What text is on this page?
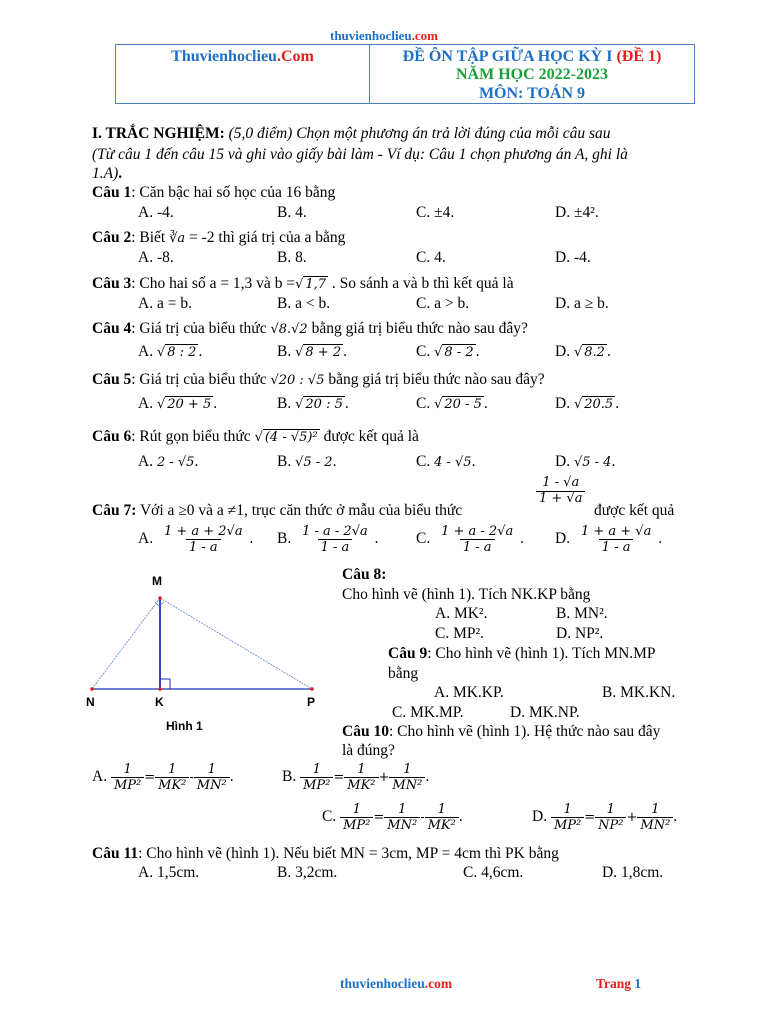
thuvienhoclieu.com
Thuvienhoclieu.Com	ĐỀ ÔN TẬP GIỮA HỌC KỲ I (ĐỀ 1)
NĂM HỌC 2022-2023
MÔN: TOÁN 9
I. TRẮC NGHIỆM: (5,0 điểm) Chọn một phương án trả lời đúng của mỗi câu sau
(Từ câu 1 đến câu 15 và ghi vào giấy bài làm - Ví dụ: Câu 1 chọn phương án A, ghi là
1.A).
Câu 1: Căn bậc hai số học của 16 bằng
A. -4.	B. 4.	C. ±4.	D. ±4².
Câu 2: Biết ∛a = -2 thì giá trị của a bằng
A. -8.	B. 8.	C. 4.	D. -4.
Câu 3: Cho hai số a = 1,3 và b =√ 1,7 . So sánh a và b thì kết quả là
A. a = b.	B. a < b.	C. a > b.	D. a ≥ b.
Câu 4: Giá trị của biểu thức √8.√2 bằng giá trị biểu thức nào sau đây?
A. √ 8 : 2 .	B. √ 8 + 2 .	C. √ 8 - 2 .	D. √ 8.2 .
Câu 5: Giá trị của biểu thức √20 : √5 bằng giá trị biểu thức nào sau đây?
A. √ 20 + 5 .	B. √ 20 : 5 .	C. √ 20 - 5 .	D. √ 20.5 .
Câu 6: Rút gọn biểu thức √ (4 - √5)² được kết quả là
A. 2 - √5.	B. √5 - 2.	C. 4 - √5.	D. √5 - 4.
Câu 7: Với a ≥0 và a ≠1, trục căn thức ở mẫu của biểu thức
$\frac{1 - √a}{1 + √a}$
được kết quả
A. $\frac{1 + a + 2√a}{1 - a}$ . B. $\frac{1 - a - 2√a}{1 - a}$ . C. $\frac{1 + a - 2√a}{1 - a}$ . D. $\frac{1 + a + √a}{1 - a}$ .
M
N	K	P
Hình 1
Câu 8:
Cho hình vẽ (hình 1). Tích NK.KP bằng
A. MK².	B. MN².
C. MP².	D. NP².
Câu 9: Cho hình vẽ (hình 1). Tích MN.MP
bằng
A. MK.KP.	B. MK.KN.
C. MK.MP.	D. MK.NP.
Câu 10: Cho hình vẽ (hình 1). Hệ thức nào sau đây
là đúng?
A. $\frac{1}{\text{MP²}} = \frac{1}{\text{MK²}} - \frac{1}{\text{MN²}}$ .	B. $\frac{1}{\text{MP²}} = \frac{1}{\text{MK²}} + \frac{1}{\text{MN²}}$ .
C. $\frac{1}{\text{MP²}} = \frac{1}{\text{MN²}} - \frac{1}{\text{MK²}}$ .	D. $\frac{1}{\text{MP²}} = \frac{1}{\text{NP²}} + \frac{1}{\text{MN²}}$ .
Câu 11: Cho hình vẽ (hình 1). Nếu biết MN = 3cm, MP = 4cm thì PK bằng
A. 1,5cm.	B. 3,2cm.	C. 4,6cm.	D. 1,8cm.
thuvienhoclieu.com	Trang 1
